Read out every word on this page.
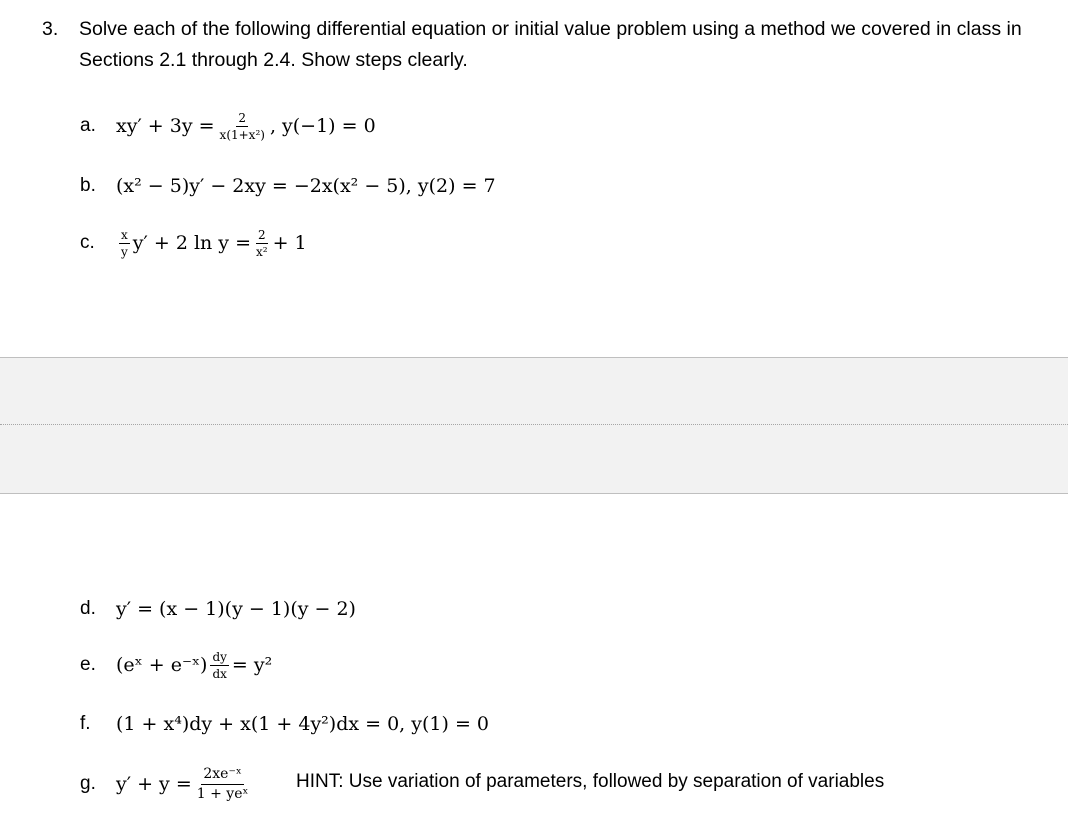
3. Solve each of the following differential equation or initial value problem using a method we covered in class in Sections 2.1 through 2.4. Show steps clearly.
a.	$xy' + 3y = \frac{2}{\text{x(1+x²)}}$ , y(−1) = 0
b.	(x² − 5)y′ − 2xy = −2x(x² − 5), y(2) = 7
c.	$\frac{x}{y} y' + 2$ $\ln y = \frac{2}{\text{x²}} + 1$
d.	y′ = (x − 1)(y − 1)(y − 2)
e.	(eˣ + e⁻ˣ) $\frac{dy}{dx} = y^2$
f.	(1 + x⁴)dy + x(1 + 4y²)dx = 0, y(1) = 0
g.	$y' + y = \frac{\text{2xe⁻ˣ}}{\text{1 + yeˣ}}$ HINT: Use variation of parameters, followed by separation of variables
